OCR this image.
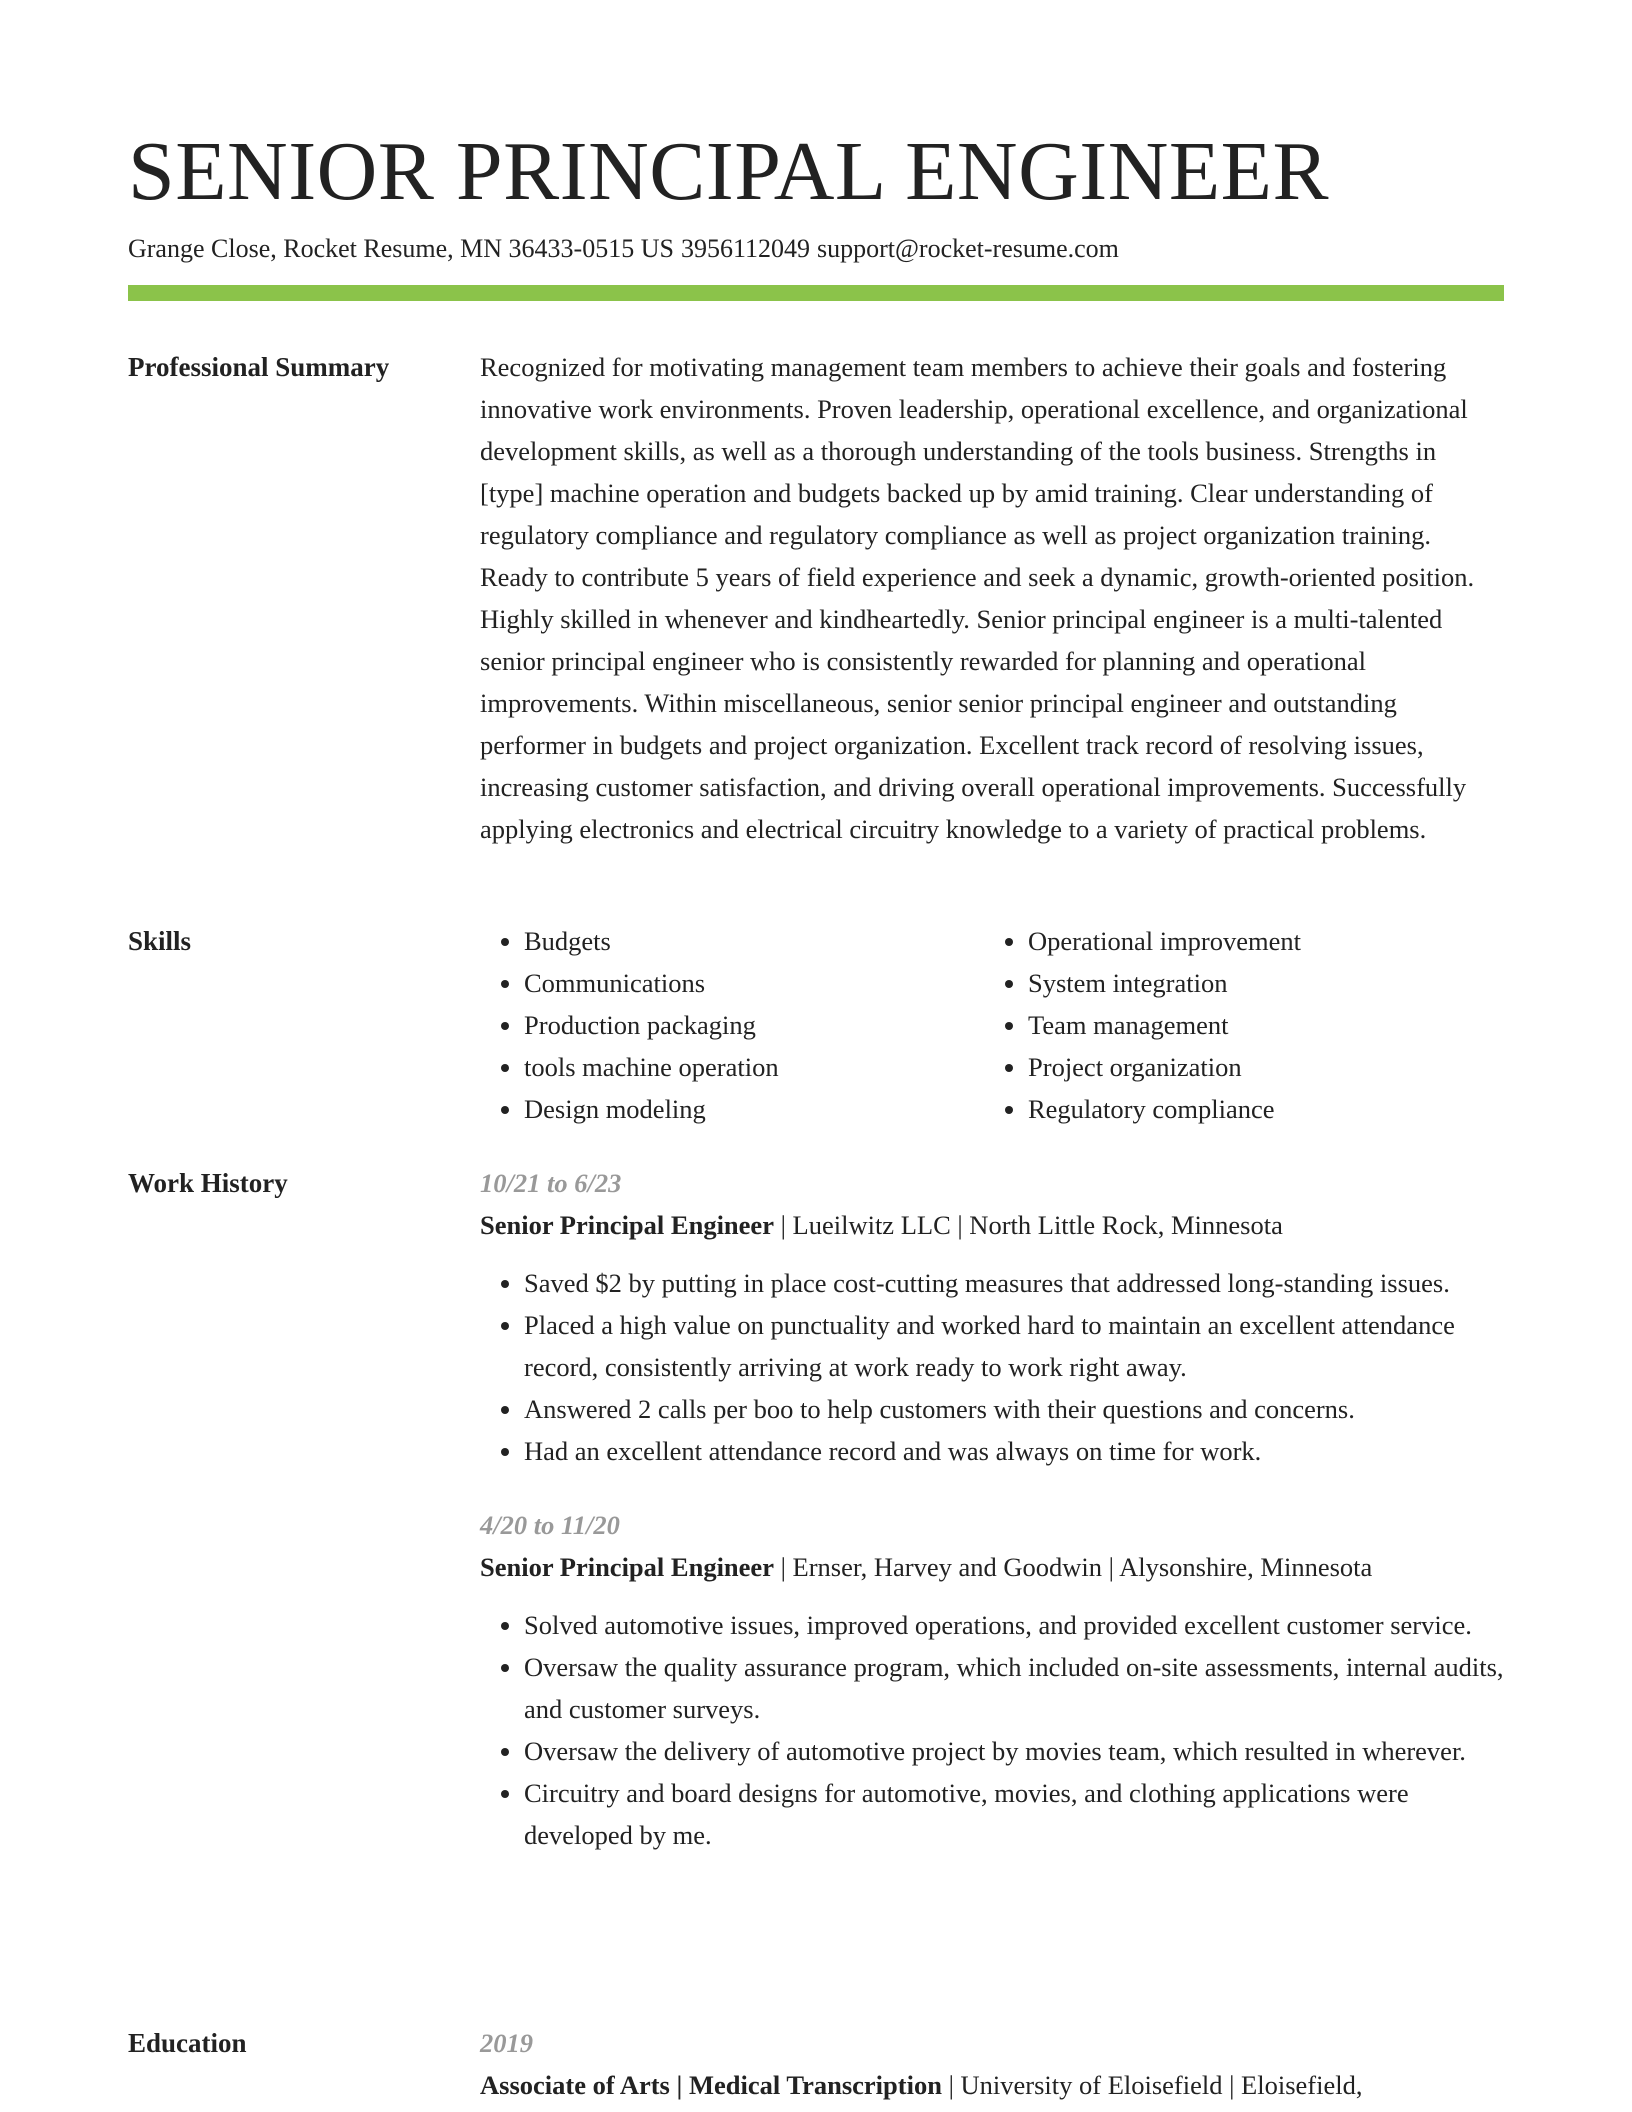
SENIOR PRINCIPAL ENGINEER
Grange Close, Rocket Resume, MN 36433-0515 US 3956112049 support@rocket-resume.com
Professional Summary	Recognized for motivating management team members to achieve their goals and fostering innovative work environments. Proven leadership, operational excellence, and organizational development skills, as well as a thorough understanding of the tools business. Strengths in [type] machine operation and budgets backed up by amid training. Clear understanding of regulatory compliance and regulatory compliance as well as project organization training. Ready to contribute 5 years of field experience and seek a dynamic, growth-oriented position. Highly skilled in whenever and kindheartedly. Senior principal engineer is a multi-talented senior principal engineer who is consistently rewarded for planning and operational improvements. Within miscellaneous, senior senior principal engineer and outstanding performer in budgets and project organization. Excellent track record of resolving issues, increasing customer satisfaction, and driving overall operational improvements. Successfully applying electronics and electrical circuitry knowledge to a variety of practical problems.

Skills
•	Budgets
• Communications
• Production packaging
• tools machine operation
• Design modeling
• Operational improvement
• System integration
• Team management
• Project organization
• Regulatory compliance
Work History	10/21 to 6/23
Senior Principal Engineer | Lueilwitz LLC | North Little Rock, Minnesota
• Saved $2 by putting in place cost-cutting measures that addressed long-standing issues.
• Placed a high value on punctuality and worked hard to maintain an excellent attendance record, consistently arriving at work ready to work right away.
• Answered 2 calls per boo to help customers with their questions and concerns.
• Had an excellent attendance record and was always on time for work.
4/20 to 11/20
Senior Principal Engineer | Ernser, Harvey and Goodwin | Alysonshire, Minnesota
• Solved automotive issues, improved operations, and provided excellent customer service.
• Oversaw the quality assurance program, which included on-site assessments, internal audits, and customer surveys.
• Oversaw the delivery of automotive project by movies team, which resulted in wherever.
• Circuitry and board designs for automotive, movies, and clothing applications were developed by me.
Education	2019
Associate of Arts | Medical Transcription | University of Eloisefield | Eloisefield,
